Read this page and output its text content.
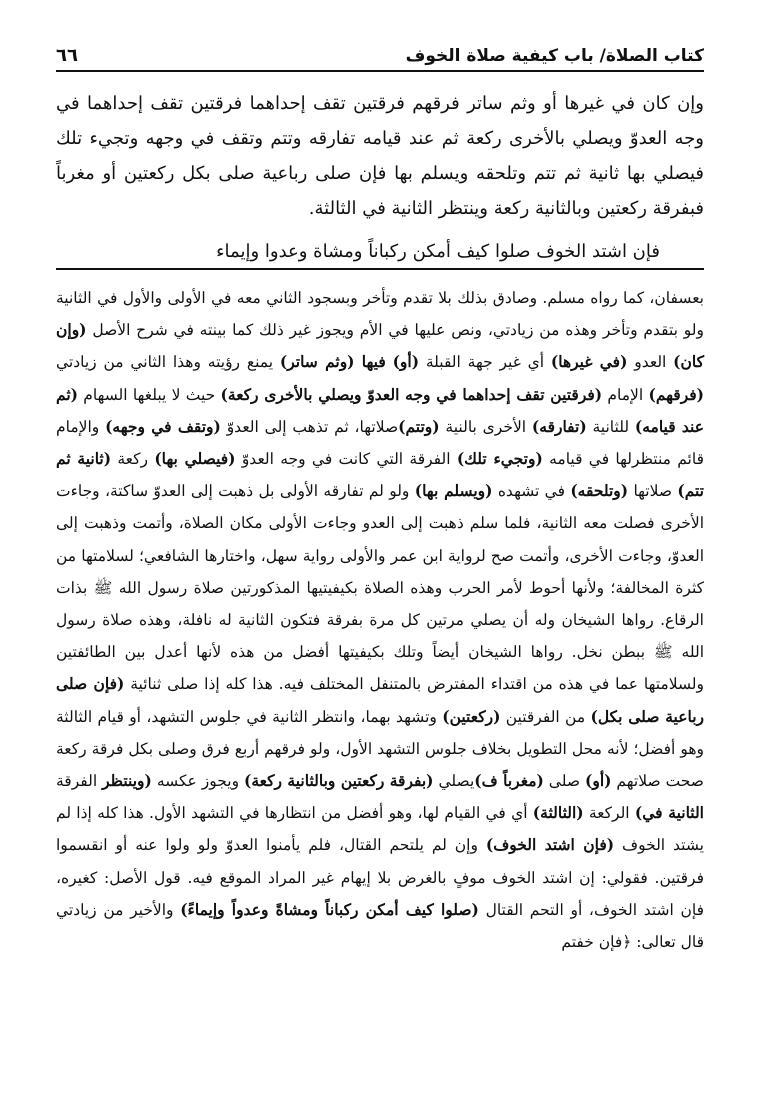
كتاب الصلاة/ باب كيفية صلاة الخوف
٦٦

وإن كان في غيرها أو وثم ساتر فرقهم فرقتين تقف إحداهما فرقتين تقف إحداهما في وجه العدوّ ويصلي بالأخرى ركعة ثم عند قيامه تفارقه وتتم وتقف في وجهه وتجيء تلك فيصلي بها ثانية ثم تتم وتلحقه ويسلم بها فإن صلى رباعية صلى بكل ركعتين أو مغرباً فبفرقة ركعتين وبالثانية ركعة وينتظر الثانية في الثالثة.

فإن اشتد الخوف صلوا كيف أمكن ركباناً ومشاة وعدوا وإيماء

بعسفان، كما رواه مسلم. وصادق بذلك بلا تقدم وتأخر وبسجود الثاني معه في الأولى والأول في الثانية ولو بتقدم وتأخر وهذه من زيادتي، ونص عليها في الأم ويجوز غير ذلك كما بينته في شرح الأصل (وإن كان) العدو (في غيرها) أي غير جهة القبلة (أو) فيها (وثم ساتر) يمنع رؤيته وهذا الثاني من زيادتي (فرقهم) الإمام (فرقتين تقف إحداهما في وجه العدوّ ويصلي بالأخرى ركعة) حيث لا يبلغها السهام (ثم عند قيامه) للثانية (تفارقه) الأخرى بالنية (وتتم)صلاتها، ثم تذهب إلى العدوّ (وتقف في وجهه) والإمام قائم منتظرلها في قيامه (وتجيء تلك) الفرقة التي كانت في وجه العدوّ (فيصلي بها) ركعة (ثانية ثم تتم) صلاتها (وتلحقه) في تشهده (ويسلم بها) ولو لم تفارقه الأولى بل ذهبت إلى العدوّ ساكتة، وجاءت الأخرى فصلت معه الثانية، فلما سلم ذهبت إلى العدو وجاءت الأولى مكان الصلاة، وأتمت وذهبت إلى العدوّ، وجاءت الأخرى، وأتمت صح لرواية ابن عمر والأولى رواية سهل، واختارها الشافعي؛ لسلامتها من كثرة المخالفة؛ ولأنها أحوط لأمر الحرب وهذه الصلاة بكيفيتيها المذكورتين صلاة رسول الله ﷺ بذات الرقاع. رواها الشيخان وله أن يصلي مرتين كل مرة بفرقة فتكون الثانية له نافلة، وهذه صلاة رسول الله ﷺ ببطن نخل. رواها الشيخان أيضاً وتلك بكيفيتها أفضل من هذه لأنها أعدل بين الطائفتين ولسلامتها عما في هذه من اقتداء المفترض بالمتنفل المختلف فيه. هذا كله إذا صلى ثنائية (فإن صلى رباعية صلى بكل) من الفرقتين (ركعتين) وتشهد بهما، وانتظر الثانية في جلوس التشهد، أو قيام الثالثة وهو أفضل؛ لأنه محل التطويل بخلاف جلوس التشهد الأول، ولو فرقهم أربع فرق وصلى بكل فرقة ركعة صحت صلاتهم (أو) صلى (مغرباً ف)يصلي (بفرقة ركعتين وبالثانية ركعة) ويجوز عكسه (وينتظر الفرقة الثانية في) الركعة (الثالثة) أي في القيام لها، وهو أفضل من انتظارها في التشهد الأول. هذا كله إذا لم يشتد الخوف (فإن اشتد الخوف) وإن لم يلتحم القتال، فلم يأمنوا العدوّ ولو ولوا عنه أو انقسموا فرقتين. فقولي: إن اشتد الخوف موفٍ بالغرض بلا إيهام غير المراد الموقع فيه. قول الأصل: كغيره، فإن اشتد الخوف، أو التحم القتال (صلوا كيف أمكن ركباناً ومشاةً وعدواً وإيماءً) والأخير من زيادتي قال تعالى: ﴿فإن خفتم
